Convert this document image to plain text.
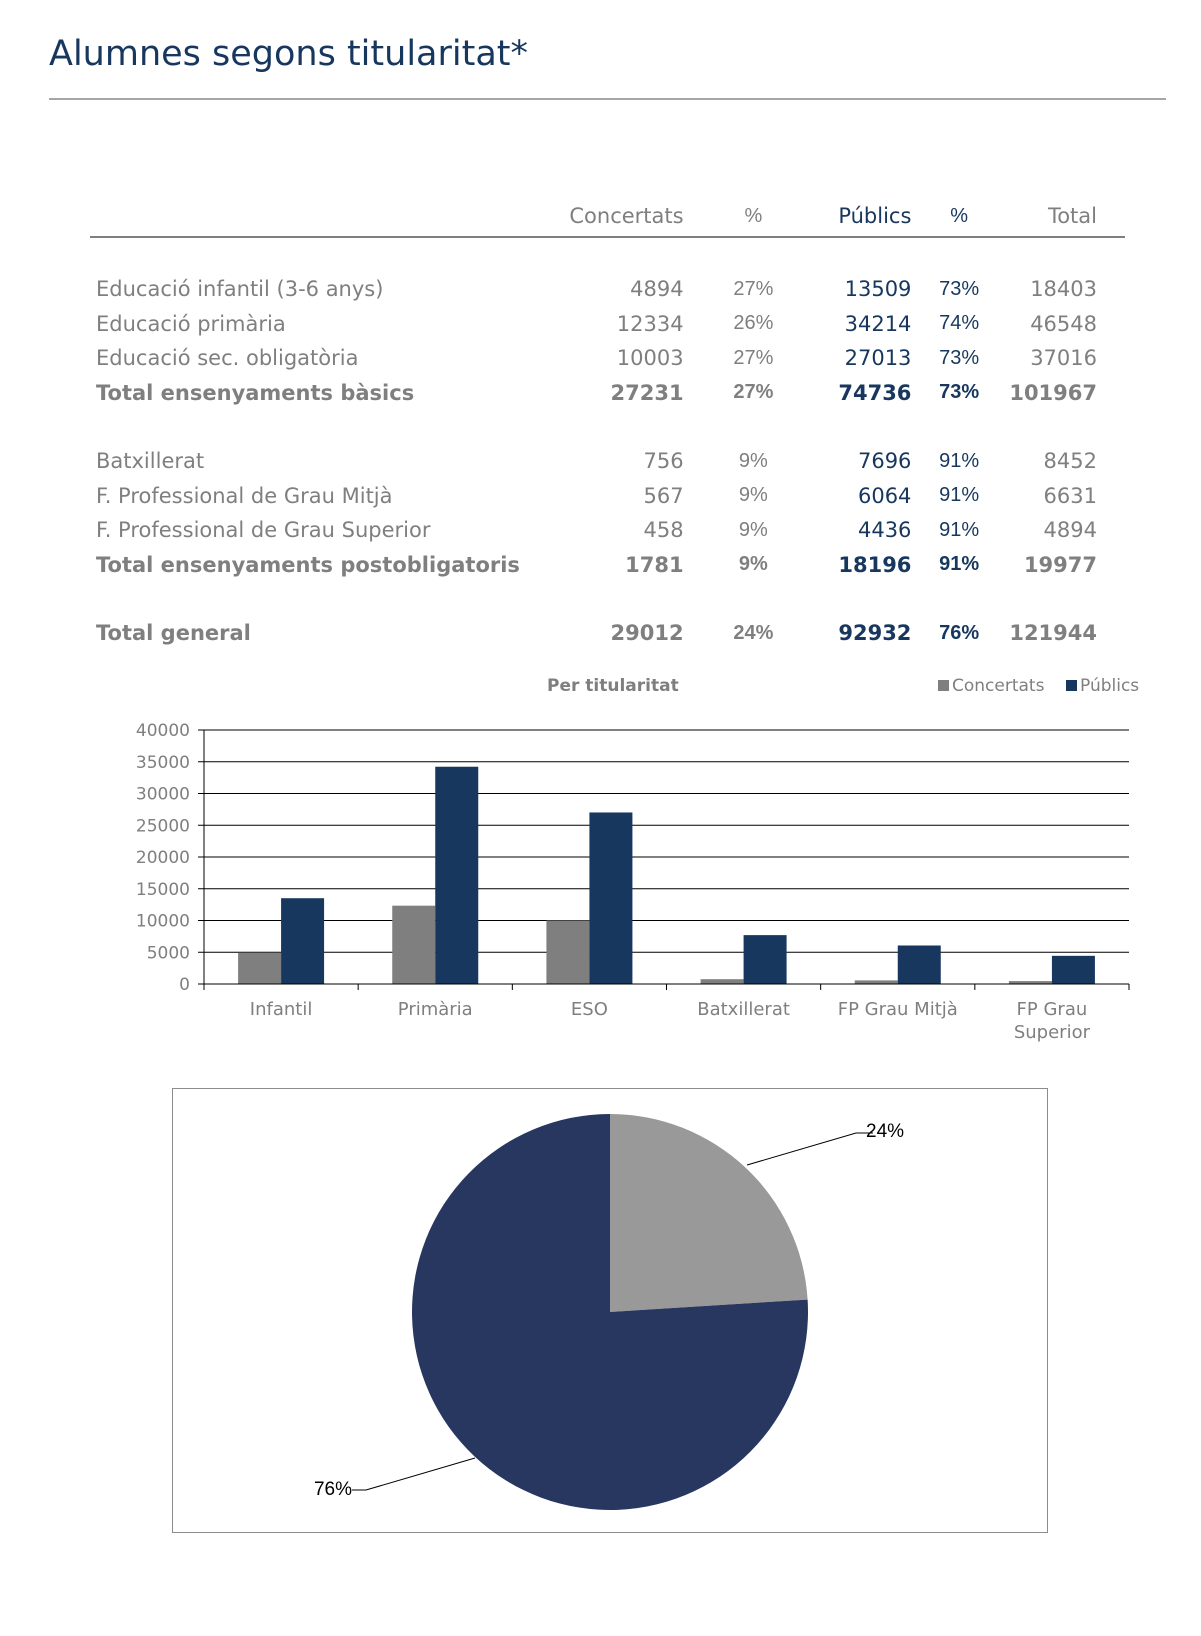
Alumnes segons titularitat*
	Concertats	%	Públics	%	Total

Educació infantil (3-6 anys)	4894	27%	13509	73%	18403
Educació primària	12334	26%	34214	74%	46548
Educació sec. obligatòria	10003	27%	27013	73%	37016
Total ensenyaments bàsics	27231	27%	74736	73%	101967

Batxillerat	756	9%	7696	91%	8452
F. Professional de Grau Mitjà	567	9%	6064	91%	6631
F. Professional de Grau Superior	458	9%	4436	91%	4894
Total ensenyaments postobligatoris	1781	9%	18196	91%	19977

Total general	29012	24%	92932	76%	121944
Per titularitat	Concertats	Públics
0
5000
10000
15000
20000
25000
30000
35000
40000
Infantil	Primària	ESO	Batxillerat	FP Grau Mitjà	FP Grau
Superior
24%
76%
